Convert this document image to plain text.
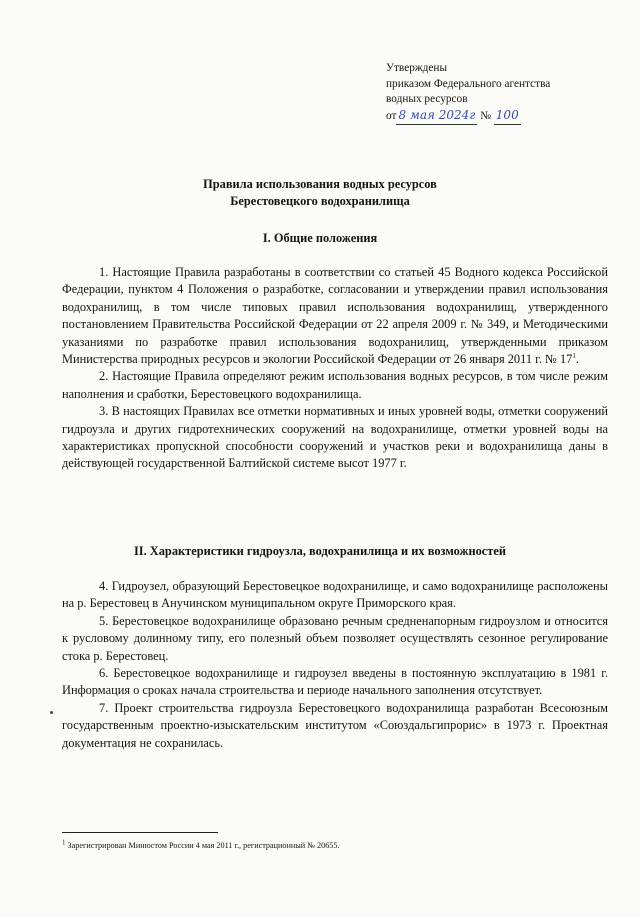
Утверждены
приказом Федерального агентства
водных ресурсов
от 8 мая 2024г № 100
Правила использования водных ресурсов
Берестовецкого водохранилища
I. Общие положения

1. Настоящие Правила разработаны в соответствии со статьей 45 Водного кодекса Российской Федерации, пунктом 4 Положения о разработке, согласовании и утверждении правил использования водохранилищ, в том числе типовых правил использования водохранилищ, утвержденного постановлением Правительства Российской Федерации от 22 апреля 2009 г. № 349, и Методическими указаниями по разработке правил использования водохранилищ, утвержденными приказом Министерства природных ресурсов и экологии Российской Федерации от 26 января 2011 г. № $17^1$.

2. Настоящие Правила определяют режим использования водных ресурсов, в том числе режим наполнения и сработки, Берестовецкого водохранилища.

3. В настоящих Правилах все отметки нормативных и иных уровней воды, отметки сооружений гидроузла и других гидротехнических сооружений на водохранилище, отметки уровней воды на характеристиках пропускной способности сооружений и участков реки и водохранилища даны в действующей государственной Балтийской системе высот 1977 г.

II. Характеристики гидроузла, водохранилища и их возможностей

4. Гидроузел, образующий Берестовецкое водохранилище, и само водохранилище расположены на р. Берестовец в Анучинском муниципальном округе Приморского края.

5. Берестовецкое водохранилище образовано речным средненапорным гидроузлом и относится к русловому долинному типу, его полезный объем позволяет осуществлять сезонное регулирование стока р. Берестовец.

6. Берестовецкое водохранилище и гидроузел введены в постоянную эксплуатацию в 1981 г. Информация о сроках начала строительства и периоде начального заполнения отсутствует.

7. Проект строительства гидроузла Берестовецкого водохранилища разработан Всесоюзным государственным проектно-изыскательским институтом «Союздальгипрорис» в 1973 г. Проектная документация не сохранилась.

$^1$ Зарегистрирован Минюстом России 4 мая 2011 г., регистрационный № 20655.
